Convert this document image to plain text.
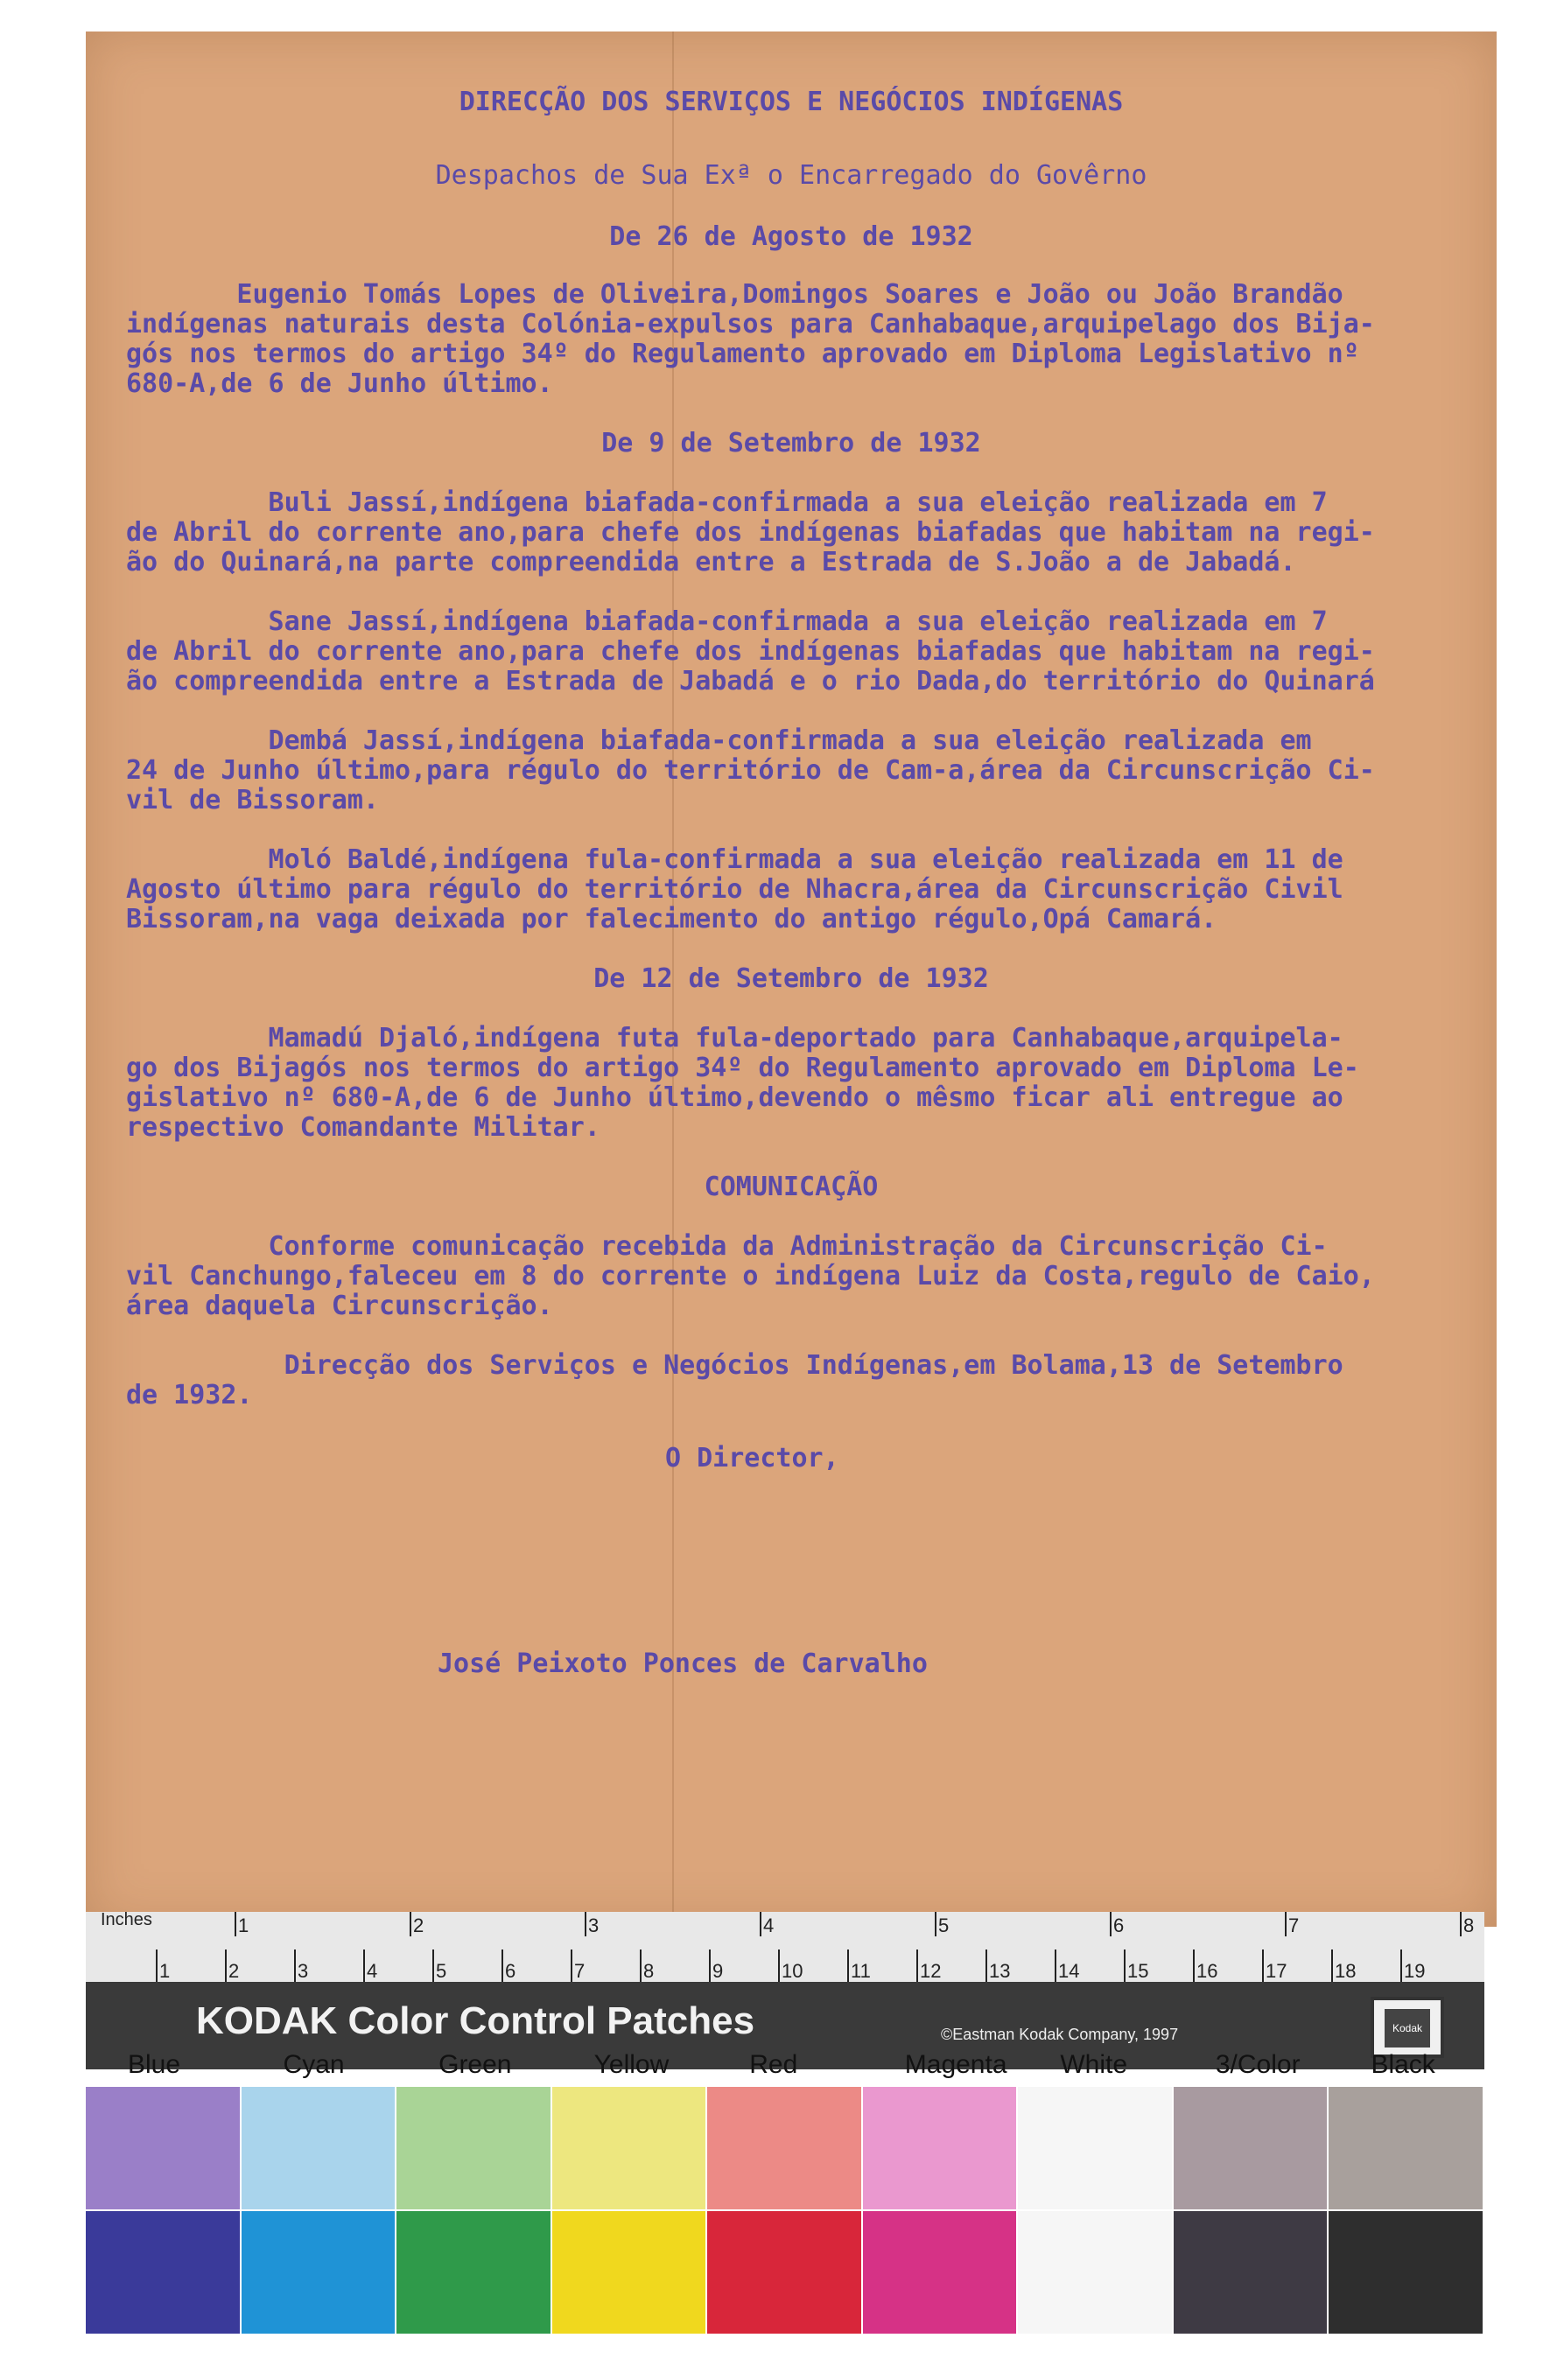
DIRECÇÃO DOS SERVIÇOS E NEGÓCIOS INDÍGENAS
Despachos de Sua Exª o Encarregado do Govêrno
De 26 de Agosto de 1932
Eugenio Tomás Lopes de Oliveira,Domingos Soares e João ou João Brandão
indígenas naturais desta Colónia-expulsos para Canhabaque,arquipelago dos Bija-
gós nos termos do artigo 34º do Regulamento aprovado em Diploma Legislativo nº
680-A,de 6 de Junho último.
De 9 de Setembro de 1932
Buli Jassí,indígena biafada-confirmada a sua eleição realizada em 7
de Abril do corrente ano,para chefe dos indígenas biafadas que habitam na regi-
ão do Quinará,na parte compreendida entre a Estrada de S.João a de Jabadá.
Sane Jassí,indígena biafada-confirmada a sua eleição realizada em 7
de Abril do corrente ano,para chefe dos indígenas biafadas que habitam na regi-
ão compreendida entre a Estrada de Jabadá e o rio Dada,do território do Quinará
Dembá Jassí,indígena biafada-confirmada a sua eleição realizada em
24 de Junho último,para régulo do território de Cam-a,área da Circunscrição Ci-
vil de Bissoram.
Moló Baldé,indígena fula-confirmada a sua eleição realizada em 11 de
Agosto último para régulo do território de Nhacra,área da Circunscrição Civil
Bissoram,na vaga deixada por falecimento do antigo régulo,Opá Camará.
De 12 de Setembro de 1932
Mamadú Djaló,indígena futa fula-deportado para Canhabaque,arquipela-
go dos Bijagós nos termos do artigo 34º do Regulamento aprovado em Diploma Le-
gislativo nº 680-A,de 6 de Junho último,devendo o mêsmo ficar ali entregue ao
respectivo Comandante Militar.
COMUNICAÇÃO
Conforme comunicação recebida da Administração da Circunscrição Ci-
vil Canchungo,faleceu em 8 do corrente o indígena Luiz da Costa,regulo de Caio,
área daquela Circunscrição.
Direcção dos Serviços e Negócios Indígenas,em Bolama,13 de Setembro
de 1932.
O Director,
José Peixoto Ponces de Carvalho
Inches	1	2	3	4	5	6	7	8
1	2	3	4	5	6	7	8	9	10 11	12 13 14 15 16 17 18 19
KODAK Color Control Patches	©Eastman Kodak Company, 1997	Kodak
Blue	Cyan	Green	Yellow	Red	Magenta White	3/Color	Black
